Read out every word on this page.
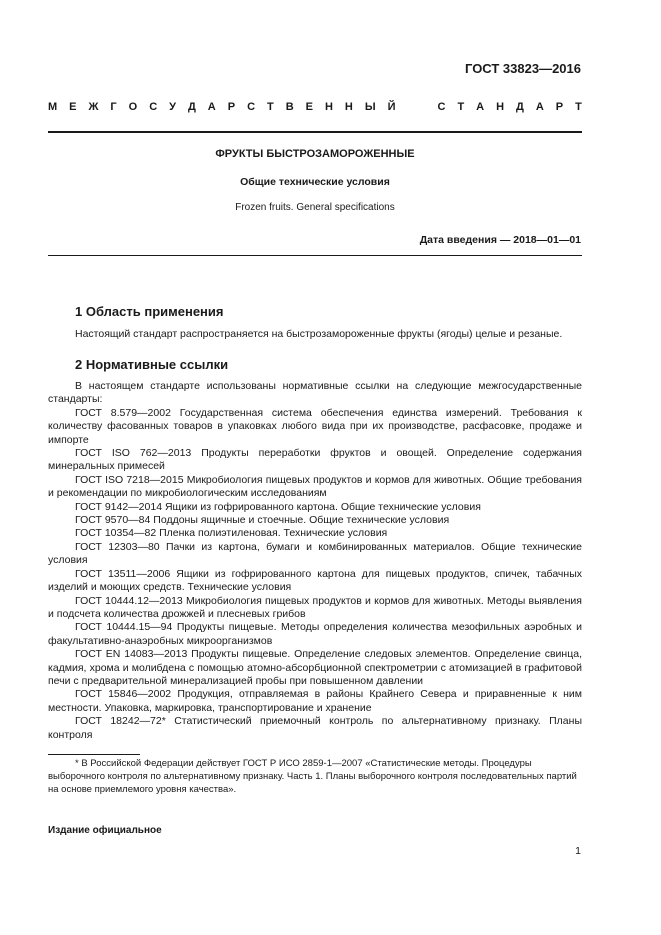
ГОСТ 33823—2016
М Е Ж Г О С У Д А Р С Т В Е Н Н Ы Й	С Т А Н Д А Р Т
ФРУКТЫ БЫСТРОЗАМОРОЖЕННЫЕ
Общие технические условия
Frozen fruits. General specifications
Дата введения — 2018—01—01
1 Область применения
Настоящий стандарт распространяется на быстрозамороженные фрукты (ягоды) целые и резаные.
2 Нормативные ссылки
В настоящем стандарте использованы нормативные ссылки на следующие межгосударственные стандарты:
ГОСТ 8.579—2002 Государственная система обеспечения единства измерений. Требования к количеству фасованных товаров в упаковках любого вида при их производстве, расфасовке, продаже и импорте
ГОСТ ISO 762—2013 Продукты переработки фруктов и овощей. Определение содержания минеральных примесей
ГОСТ ISO 7218—2015 Микробиология пищевых продуктов и кормов для животных. Общие требования и рекомендации по микробиологическим исследованиям
ГОСТ 9142—2014 Ящики из гофрированного картона. Общие технические условия
ГОСТ 9570—84 Поддоны ящичные и стоечные. Общие технические условия
ГОСТ 10354—82 Пленка полиэтиленовая. Технические условия
ГОСТ 12303—80 Пачки из картона, бумаги и комбинированных материалов. Общие технические условия
ГОСТ 13511—2006 Ящики из гофрированного картона для пищевых продуктов, спичек, табачных изделий и моющих средств. Технические условия
ГОСТ 10444.12—2013 Микробиология пищевых продуктов и кормов для животных. Методы выявления и подсчета количества дрожжей и плесневых грибов
ГОСТ 10444.15—94 Продукты пищевые. Методы определения количества мезофильных аэробных и факультативно-анаэробных микроорганизмов
ГОСТ EN 14083—2013 Продукты пищевые. Определение следовых элементов. Определение свинца, кадмия, хрома и молибдена с помощью атомно-абсорбционной спектрометрии с атомизацией в графитовой печи с предварительной минерализацией пробы при повышенном давлении
ГОСТ 15846—2002 Продукция, отправляемая в районы Крайнего Севера и приравненные к ним местности. Упаковка, маркировка, транспортирование и хранение
ГОСТ 18242—72* Статистический приемочный контроль по альтернативному признаку. Планы контроля
* В Российской Федерации действует ГОСТ Р ИСО 2859-1—2007 «Статистические методы. Процедуры выборочного контроля по альтернативному признаку. Часть 1. Планы выборочного контроля последовательных партий на основе приемлемого уровня качества».
Издание официальное
1
